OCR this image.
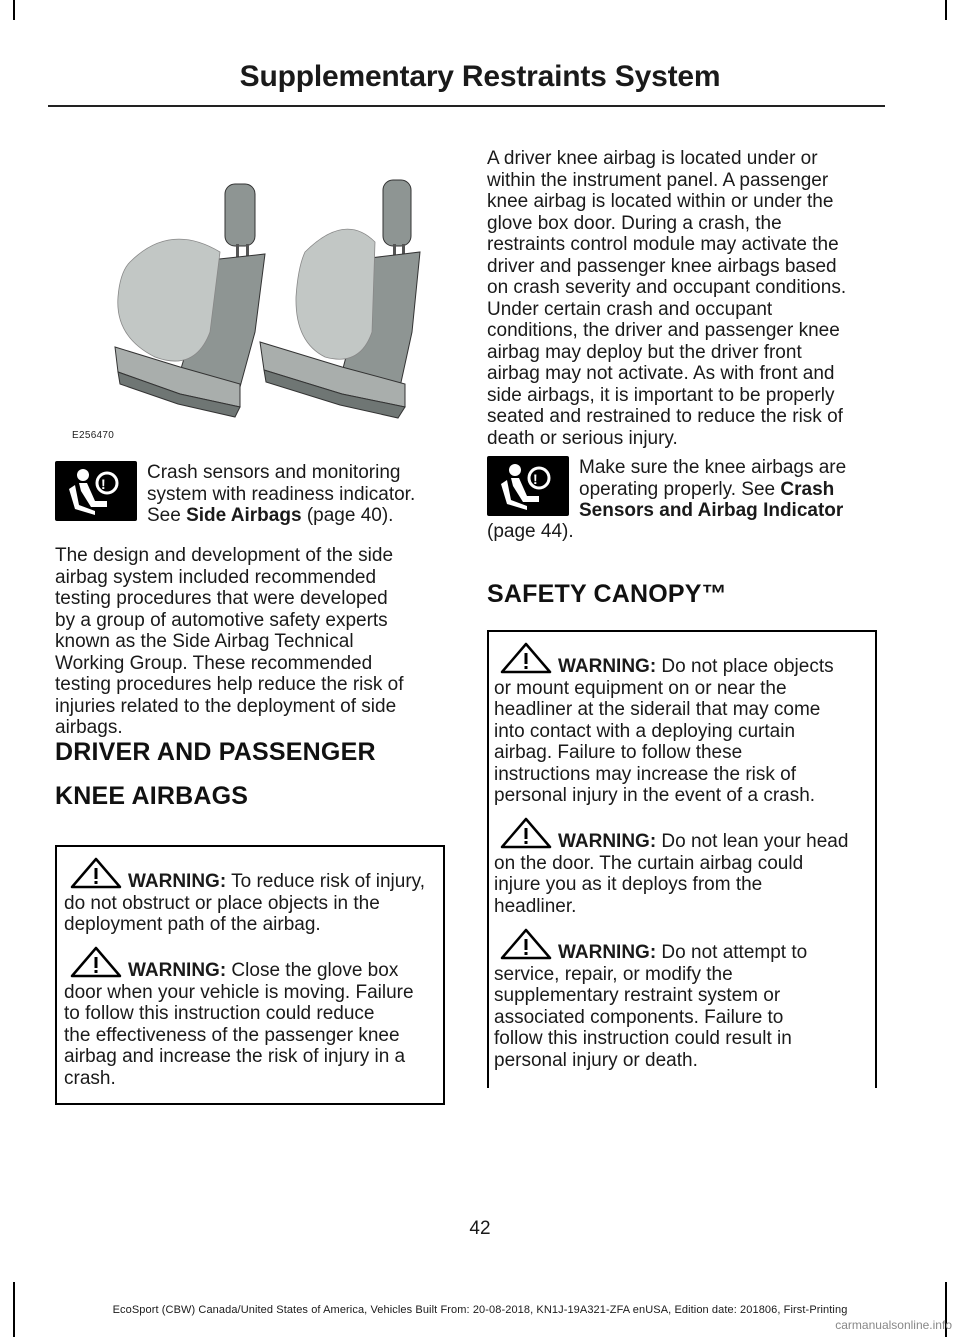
Supplementary Restraints System
E256470
!
Crash sensors and monitoring
system with readiness indicator.
See Side Airbags (page 40).
The design and development of the side
airbag system included recommended
testing procedures that were developed
by a group of automotive safety experts
known as the Side Airbag Technical
Working Group. These recommended
testing procedures help reduce the risk of
injuries related to the deployment of side
airbags.
DRIVER AND PASSENGER
KNEE AIRBAGS
WARNING: To reduce risk of injury,
do not obstruct or place objects in the
deployment path of the airbag.
WARNING: Close the glove box
door when your vehicle is moving. Failure
to follow this instruction could reduce
the effectiveness of the passenger knee
airbag and increase the risk of injury in a
crash.
A driver knee airbag is located under or
within the instrument panel. A passenger
knee airbag is located within or under the
glove box door. During a crash, the
restraints control module may activate the
driver and passenger knee airbags based
on crash severity and occupant conditions.
Under certain crash and occupant
conditions, the driver and passenger knee
airbag may deploy but the driver front
airbag may not activate. As with front and
side airbags, it is important to be properly
seated and restrained to reduce the risk of
death or serious injury.
!
Make sure the knee airbags are
operating properly. See Crash
Sensors and Airbag Indicator
(page 44).
SAFETY CANOPY™
WARNING: Do not place objects
or mount equipment on or near the
headliner at the siderail that may come
into contact with a deploying curtain
airbag. Failure to follow these
instructions may increase the risk of
personal injury in the event of a crash.
WARNING: Do not lean your head
on the door. The curtain airbag could
injure you as it deploys from the
headliner.
WARNING: Do not attempt to
service, repair, or modify the
supplementary restraint system or
associated components. Failure to
follow this instruction could result in
personal injury or death.
42
EcoSport (CBW) Canada/United States of America, Vehicles Built From: 20-08-2018, KN1J-19A321-ZFA enUSA, Edition date: 201806, First-Printing
carmanualsonline.info
